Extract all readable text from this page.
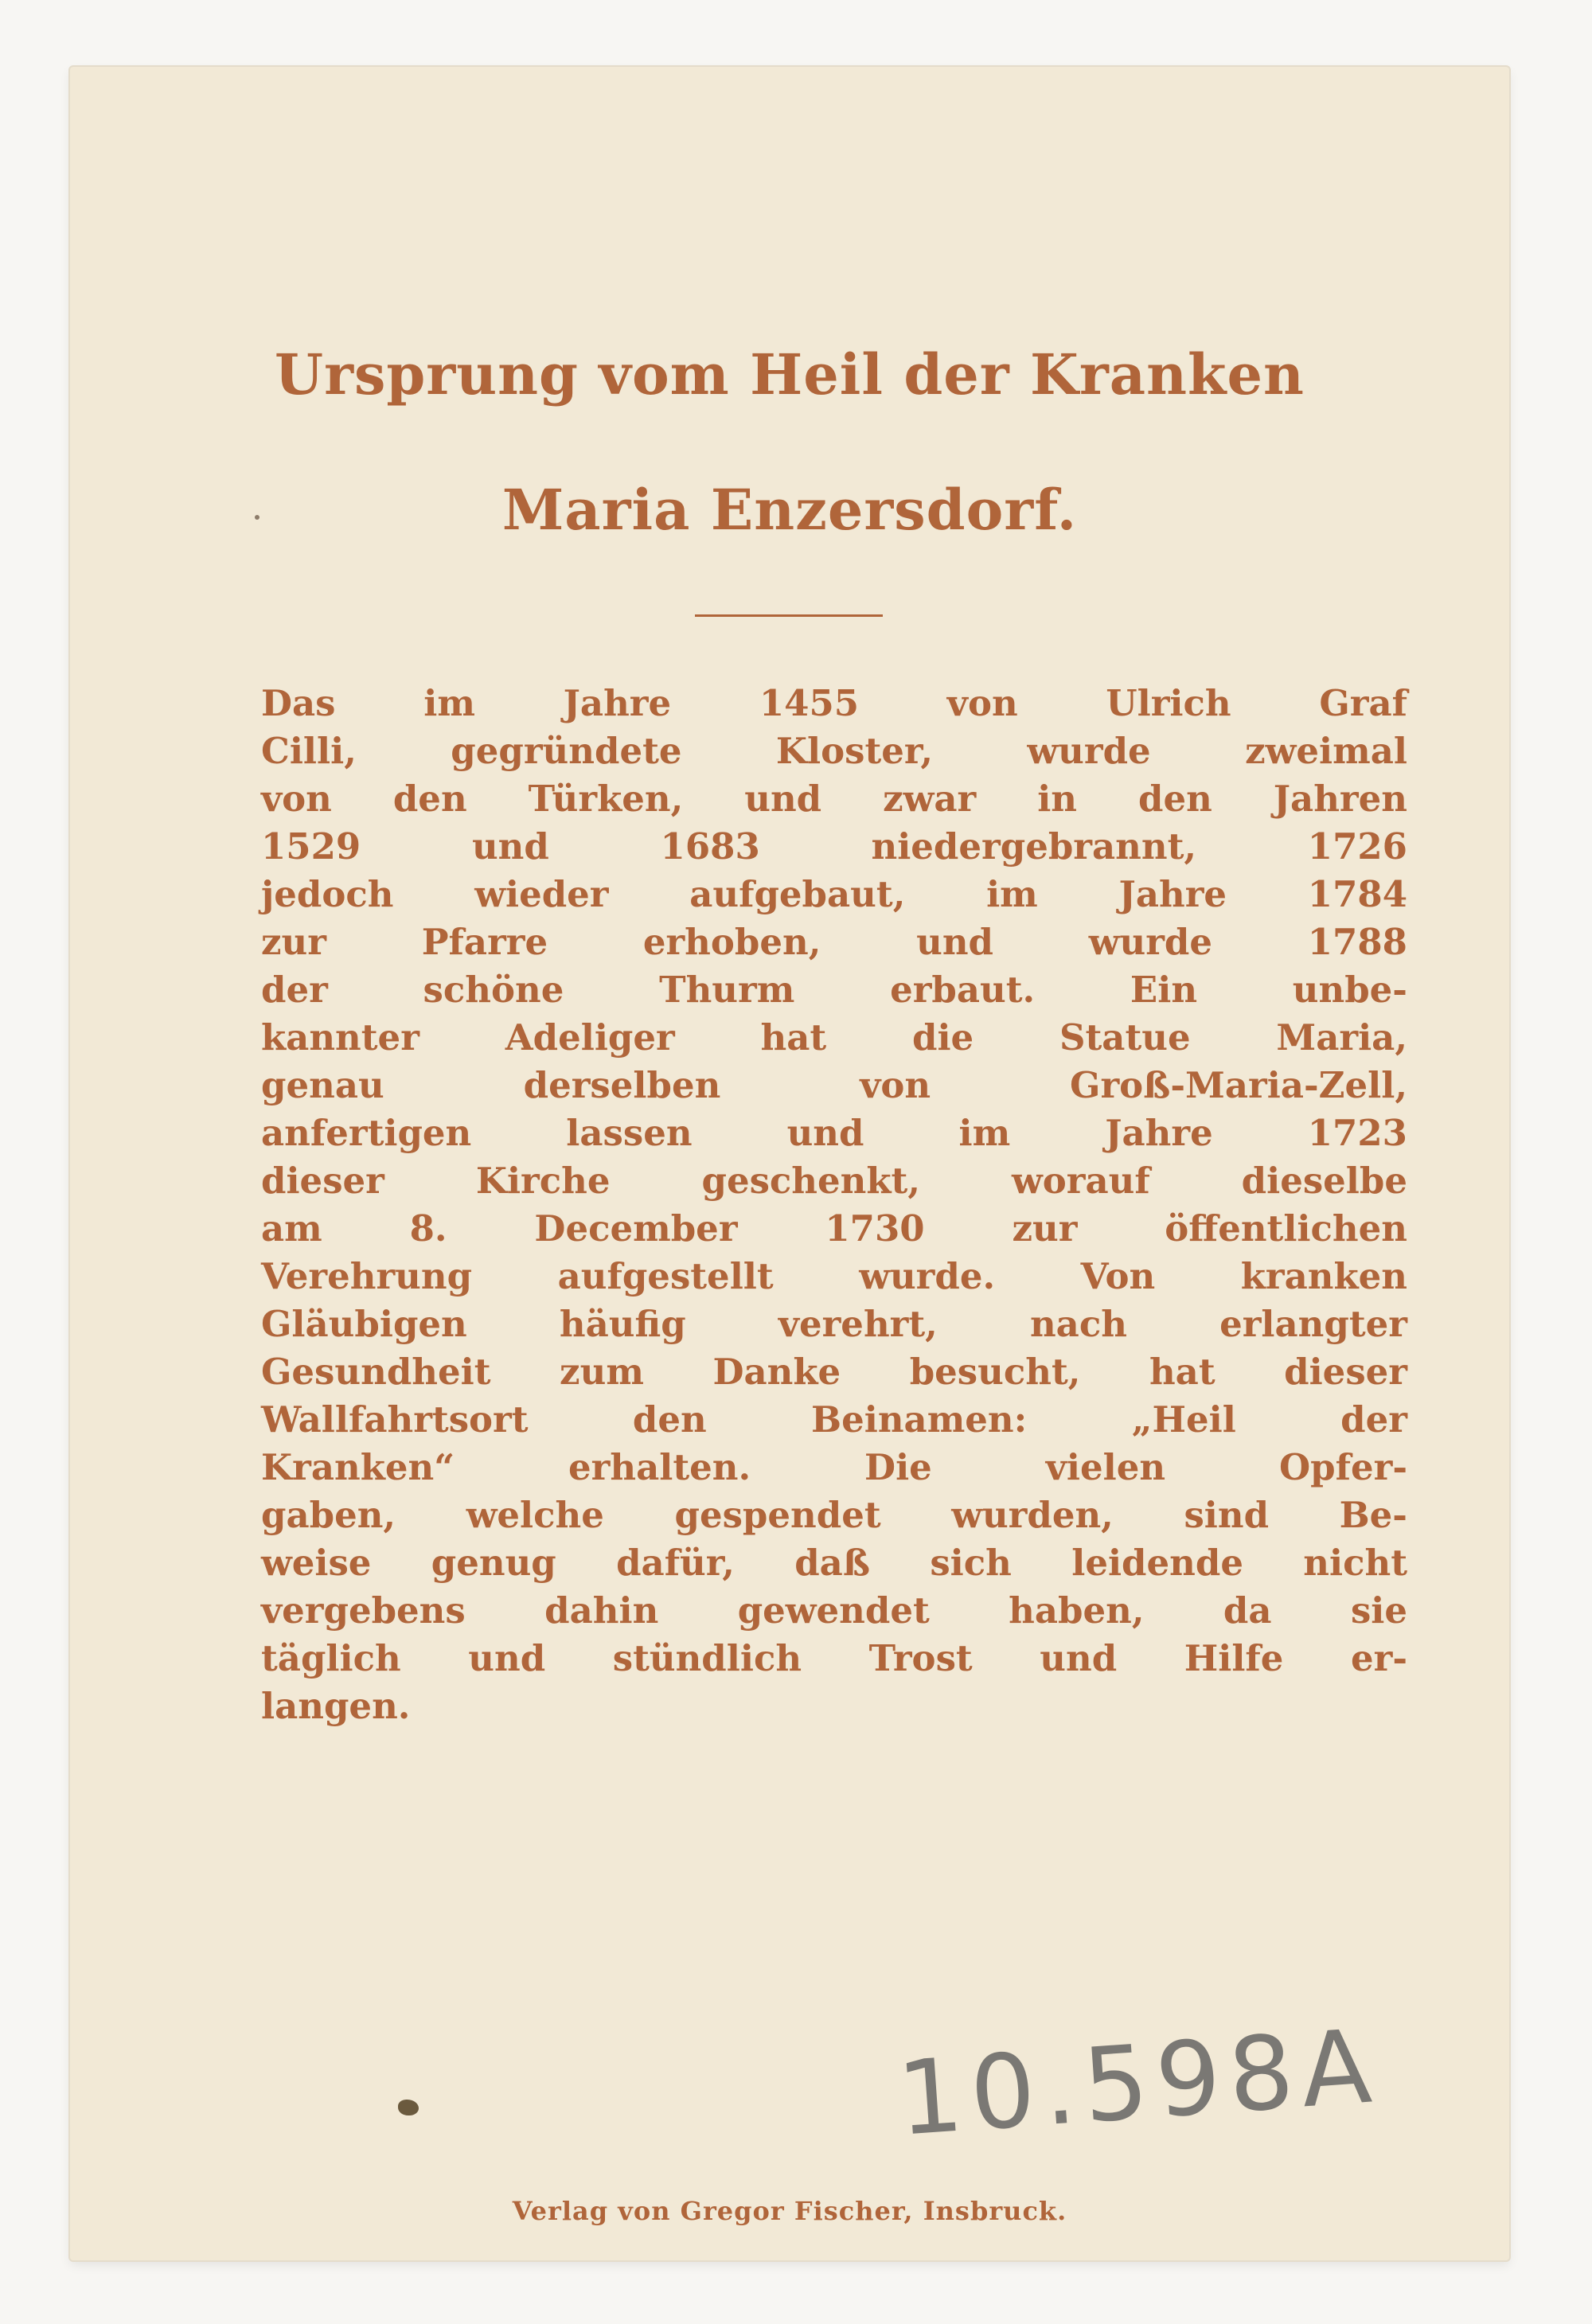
Ursprung vom Heil der Kranken
Maria Enzersdorf.
Das im Jahre 1455 von Ulrich Graf
Cilli, gegründete Kloster, wurde zweimal
von den Türken, und zwar in den Jahren
1529 und 1683 niedergebrannt, 1726
jedoch wieder aufgebaut, im Jahre 1784
zur Pfarre erhoben, und wurde 1788
der schöne Thurm erbaut. Ein unbe-
kannter Adeliger hat die Statue Maria,
genau derselben von Groß-Maria-Zell,
anfertigen lassen und im Jahre 1723
dieser Kirche geschenkt, worauf dieselbe
am 8. December 1730 zur öffentlichen
Verehrung aufgestellt wurde. Von kranken
Gläubigen häufig verehrt, nach erlangter
Gesundheit zum Danke besucht, hat dieser
Wallfahrtsort den Beinamen: „Heil der
Kranken“ erhalten. Die vielen Opfer-
gaben, welche gespendet wurden, sind Be-
weise genug dafür, daß sich leidende nicht
vergebens dahin gewendet haben, da sie
täglich und stündlich Trost und Hilfe er-
langen.
10.598A

Verlag von Gregor Fischer, Insbruck.
